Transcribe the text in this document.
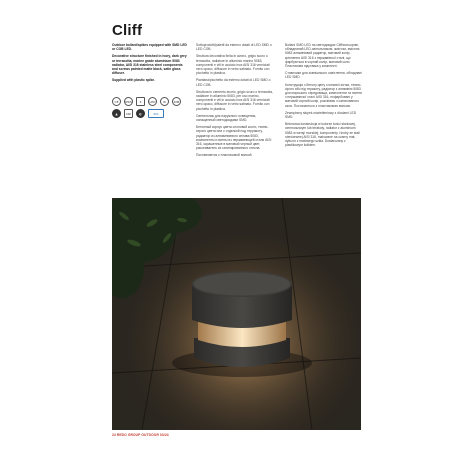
Cliff

Outdoor bollard/spikes equipped with SMD LED or COB LED.

Decorative structure finished in ivory, dark grey or terracotta, marine grade aluminium 5083 radiator, AISI 316 stainless steel components and screws painted matte black, satin glass diffuser.

Supplied with plastic spike.

CE	IP65	II	LED	IK	DIM
▲	CRI	◐	SEA

Sottoprodotti/paletti da esterno dotati di LED SMD o LED COB.

Struttura decorativa finita in avorio, grigio scuro o terracotta, radiatore in alluminio marino 5083, componenti e viti in acciaio inox AISI 316 verniciati nero opaco, diffusore in vetro satinato. Fornito con picchetto in plastica.

Piantana/picchetto da esterno dotati di LED SMD o LED COB.

Struttura in cemento avorio, grigio scuro o terracotta, radiatore in alluminio 5083, per uso marino, componenti e viti in acciaio inox AISI 316 verniciati nero opaco, diffusore in vetro satinato. Fornito con picchetto in plastica.

Светильник для наружного освещения, оснащенный светодиодами SMD.

Бетонный корпус цвета слоновой кости, темно-серого цвета или с отделкой под терракоту, радиатор из алюминиевого сплава 5083, компоненты и винты из нержавеющей стали AISI 316, окрашенные в матовый черный цвет, рассеиватель из сатинированного стекла.

Поставляется с пластиковой вилкой.

Bollard SMD LED на светодиодах Cliff/кольорові, обладнаний LED-світильником, змістом, змістом 5083 алюмінієвий радіатор, матовий колір, кріплення AISI 316 з нержавіючої сталі, що фарбуються в чорний колір, матовий скло. Пластикова підставка у комплекті.

Стовпчики для зовнішнього освітлення, обладнані LED SMD.

Конструкція з бетону цвіту слонової кістки, темно-сірого або під теракоту, радіатор з алюмінію 5083 для морського середовища, компоненти та гвинти з нержавіючої сталі AISI 316, пофарбовані у матовий чорний колір, розсіювач з сатинованого скла. Постачається з пластиковою вилкою.

Zewnętrzny słupek oświetleniowy z diodami LED SMD.

Betonowa konstrukcja w kolorze kości słoniowej, ciemnoszarym lub terakoty, radiator z aluminium 5083 w wersji morskiej, komponenty i śruby ze stali nierdzewnej AISI 316, malowane na czarny mat, dyfuzor z matowego szkła. Dostarczany z plastikowym kołkiem.

24 REDO GROUP OUTDOOR 03/24
